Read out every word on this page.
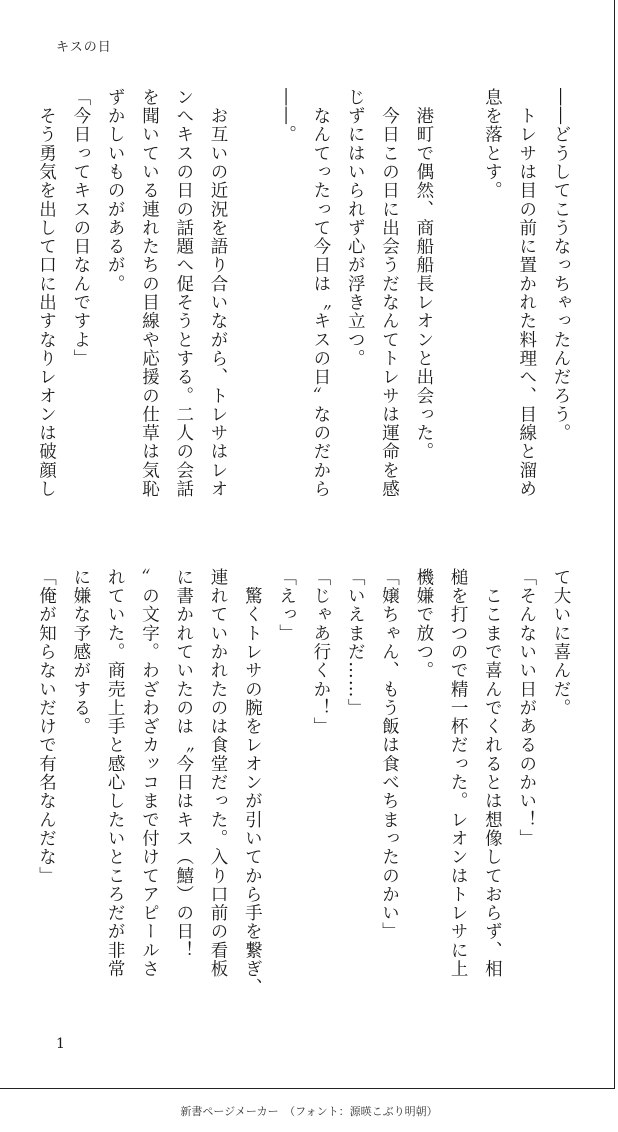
キスの日

――どうしてこうなっちゃったんだろう。

　トレサは目の前に置かれた料理へ、目線と溜め

息を落とす。

　港町で偶然、商船船長レオンと出会った。

　今日この日に出会うだなんてトレサは運命を感

じずにはいられず心が浮き立つ。

　なんてったって今日は〝キスの日〟なのだから

――。

　お互いの近況を語り合いながら、トレサはレオ

ンへキスの日の話題へ促そうとする。二人の会話

を聞いている連れたちの目線や応援の仕草は気恥

ずかしいものがあるが。

「今日ってキスの日なんですよ」

　そう勇気を出して口に出すなりレオンは破顔し

て大いに喜んだ。

「そんないい日があるのかい！」

　ここまで喜んでくれるとは想像しておらず、相

槌を打つので精一杯だった。レオンはトレサに上

機嫌で放つ。

「嬢ちゃん、もう飯は食べちまったのかい」

「いえまだ……」

「じゃあ行くか！」

「えっ」

　驚くトレサの腕をレオンが引いてから手を繋ぎ、

連れていかれたのは食堂だった。入り口前の看板

に書かれていたのは〝今日はキス（鱚）の日！

〟の文字。わざわざカッコまで付けてアピールさ

れていた。商売上手と感心したいところだが非常

に嫌な予感がする。

「俺が知らないだけで有名なんだな」

1
新書ページメーカー　（フォント：源暎こぶり明朝）
